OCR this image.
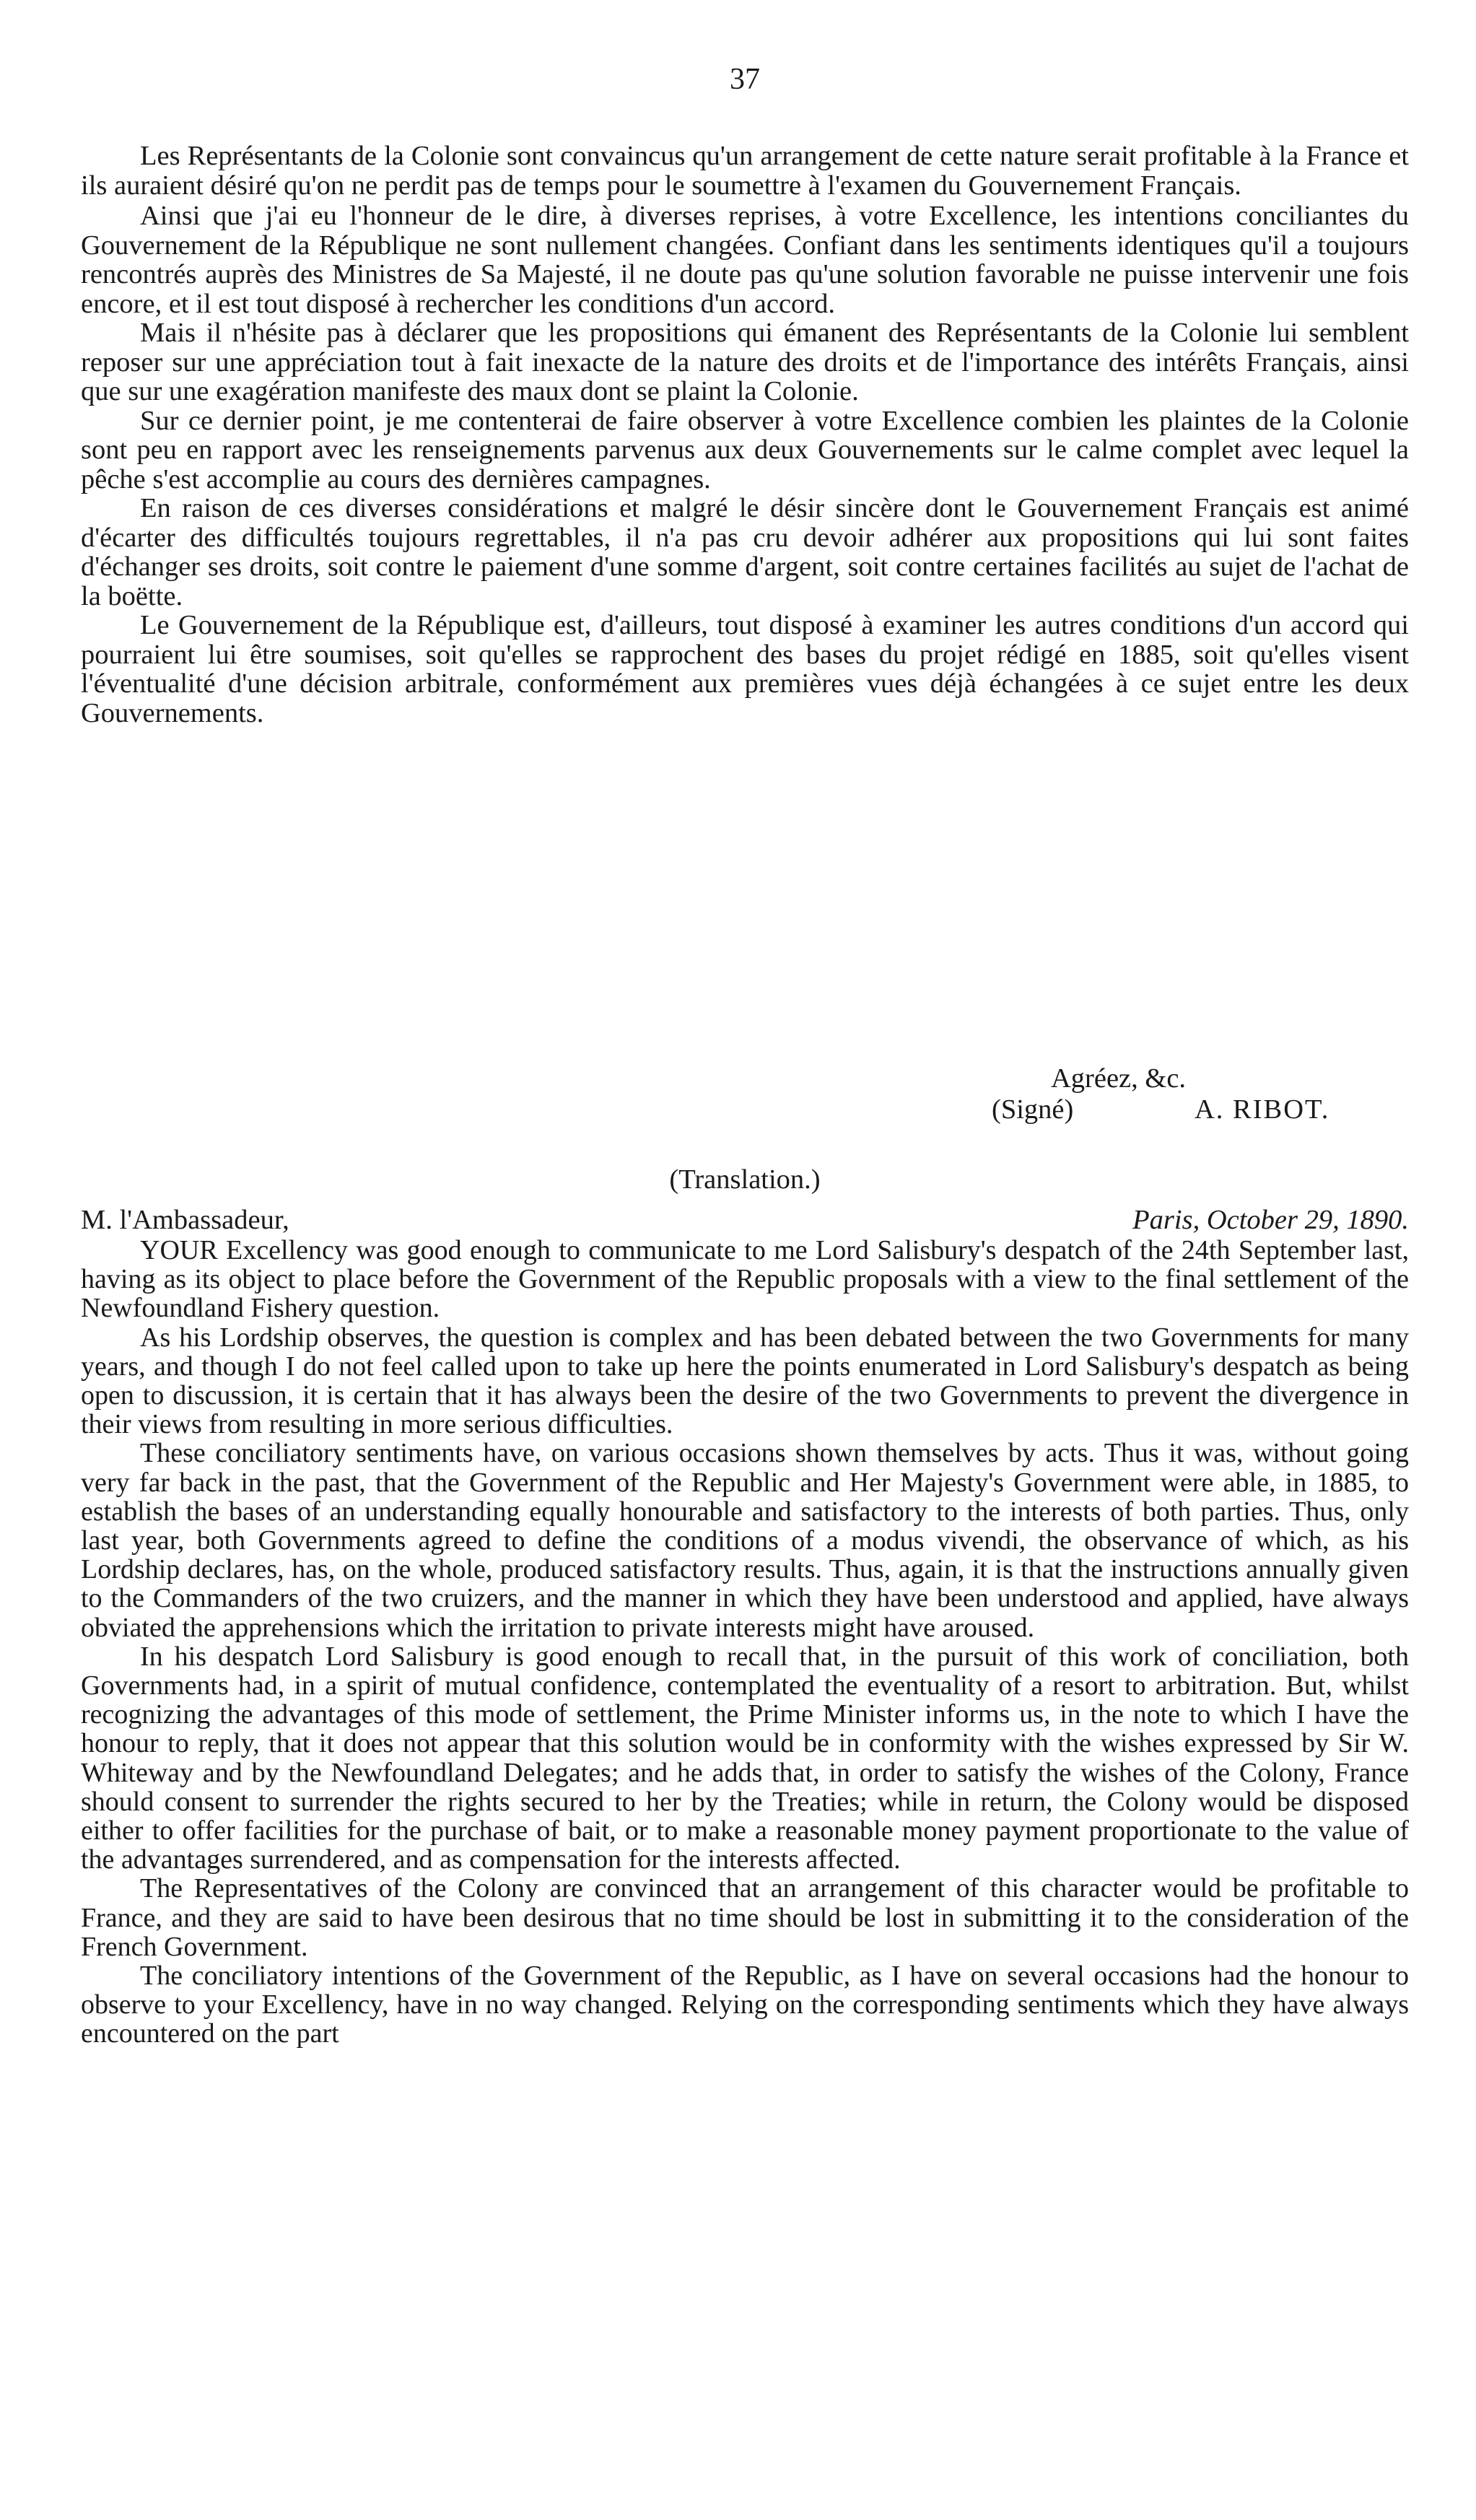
37

Les Représentants de la Colonie sont convaincus qu'un arrangement de cette nature serait profitable à la France et ils auraient désiré qu'on ne perdit pas de temps pour le soumettre à l'examen du Gouvernement Français.

Ainsi que j'ai eu l'honneur de le dire, à diverses reprises, à votre Excellence, les intentions conciliantes du Gouvernement de la République ne sont nullement changées. Confiant dans les sentiments identiques qu'il a toujours rencontrés auprès des Ministres de Sa Majesté, il ne doute pas qu'une solution favorable ne puisse intervenir une fois encore, et il est tout disposé à rechercher les conditions d'un accord.

Mais il n'hésite pas à déclarer que les propositions qui émanent des Représentants de la Colonie lui semblent reposer sur une appréciation tout à fait inexacte de la nature des droits et de l'importance des intérêts Français, ainsi que sur une exagération manifeste des maux dont se plaint la Colonie.

Sur ce dernier point, je me contenterai de faire observer à votre Excellence combien les plaintes de la Colonie sont peu en rapport avec les renseignements parvenus aux deux Gouvernements sur le calme complet avec lequel la pêche s'est accomplie au cours des dernières campagnes.

En raison de ces diverses considérations et malgré le désir sincère dont le Gouvernement Français est animé d'écarter des difficultés toujours regrettables, il n'a pas cru devoir adhérer aux propositions qui lui sont faites d'échanger ses droits, soit contre le paiement d'une somme d'argent, soit contre certaines facilités au sujet de l'achat de la boëtte.

Le Gouvernement de la République est, d'ailleurs, tout disposé à examiner les autres conditions d'un accord qui pourraient lui être soumises, soit qu'elles se rapprochent des bases du projet rédigé en 1885, soit qu'elles visent l'éventualité d'une décision arbitrale, conformément aux premières vues déjà échangées à ce sujet entre les deux Gouvernements.

Agréez, &c.
(Signé)	A. RIBOT.
(Translation.)
M. l'Ambassadeur,	Paris, October 29, 1890.

YOUR Excellency was good enough to communicate to me Lord Salisbury's despatch of the 24th September last, having as its object to place before the Government of the Republic proposals with a view to the final settlement of the Newfoundland Fishery question.

As his Lordship observes, the question is complex and has been debated between the two Governments for many years, and though I do not feel called upon to take up here the points enumerated in Lord Salisbury's despatch as being open to discussion, it is certain that it has always been the desire of the two Governments to prevent the divergence in their views from resulting in more serious difficulties.

These conciliatory sentiments have, on various occasions shown themselves by acts. Thus it was, without going very far back in the past, that the Government of the Republic and Her Majesty's Government were able, in 1885, to establish the bases of an understanding equally honourable and satisfactory to the interests of both parties. Thus, only last year, both Governments agreed to define the conditions of a modus vivendi, the observance of which, as his Lordship declares, has, on the whole, produced satisfactory results. Thus, again, it is that the instructions annually given to the Commanders of the two cruizers, and the manner in which they have been understood and applied, have always obviated the apprehensions which the irritation to private interests might have aroused.

In his despatch Lord Salisbury is good enough to recall that, in the pursuit of this work of conciliation, both Governments had, in a spirit of mutual confidence, contemplated the eventuality of a resort to arbitration. But, whilst recognizing the advantages of this mode of settlement, the Prime Minister informs us, in the note to which I have the honour to reply, that it does not appear that this solution would be in conformity with the wishes expressed by Sir W. Whiteway and by the Newfoundland Delegates; and he adds that, in order to satisfy the wishes of the Colony, France should consent to surrender the rights secured to her by the Treaties; while in return, the Colony would be disposed either to offer facilities for the purchase of bait, or to make a reasonable money payment proportionate to the value of the advantages surrendered, and as compensation for the interests affected.

The Representatives of the Colony are convinced that an arrangement of this character would be profitable to France, and they are said to have been desirous that no time should be lost in submitting it to the consideration of the French Government.

The conciliatory intentions of the Government of the Republic, as I have on several occasions had the honour to observe to your Excellency, have in no way changed. Relying on the corresponding sentiments which they have always encountered on the part
